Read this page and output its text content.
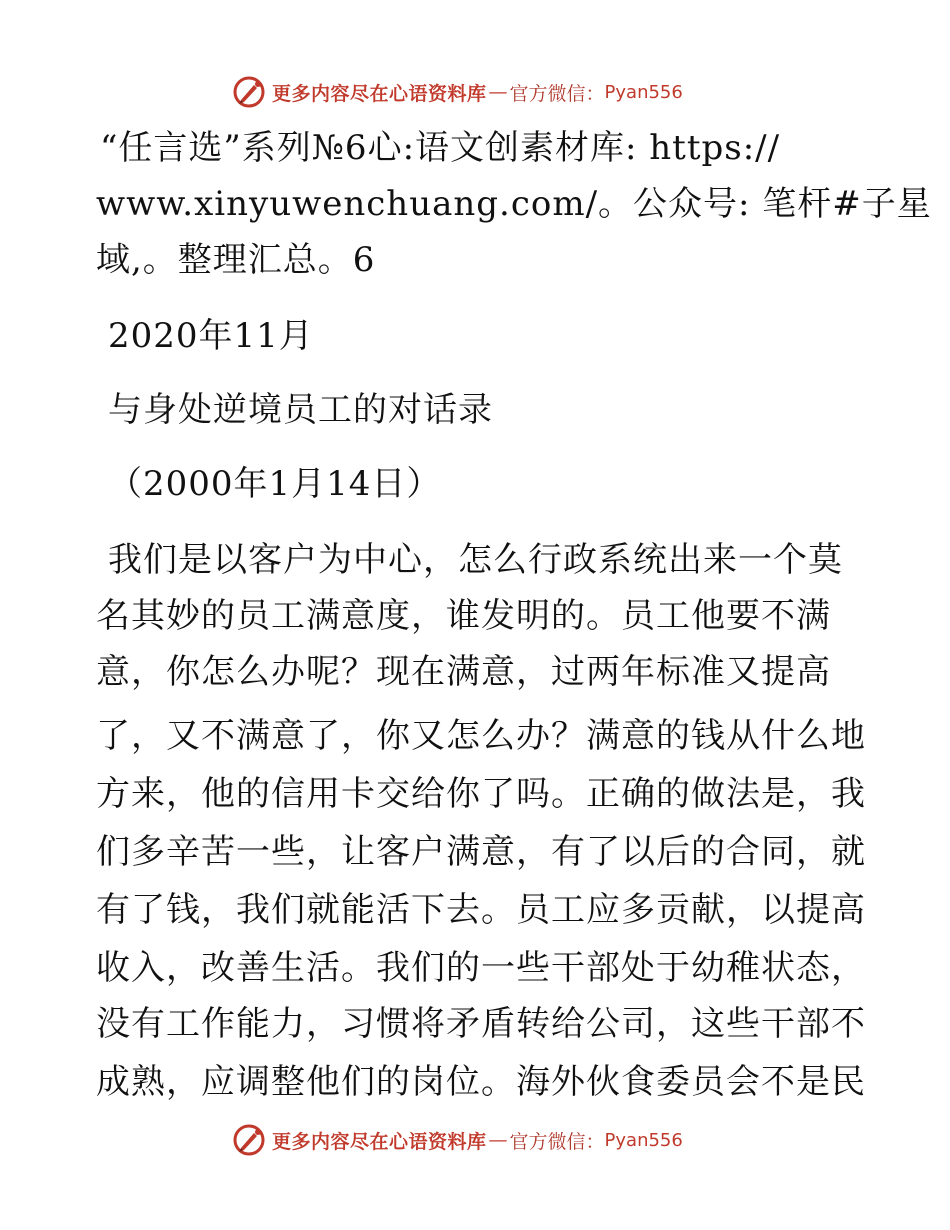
更多内容尽在心语资料库 — 官方微信： Pyan556
“任言选”系列№6心:语文创素材库: https://
www.xinyuwenchuang.com/。公众号: 笔杆#子星
域,。整理汇总。6
2020年11月
与身处逆境员工的对话录
（2000年1月14日）
我们是以客户为中心，怎么行政系统出来一个莫
名其妙的员工满意度，谁发明的。员工他要不满
意，你怎么办呢？现在满意，过两年标准又提高
了，又不满意了，你又怎么办？满意的钱从什么地
方来，他的信用卡交给你了吗。正确的做法是，我
们多辛苦一些，让客户满意，有了以后的合同，就
有了钱，我们就能活下去。员工应多贡献，以提高
收入，改善生活。我们的一些干部处于幼稚状态，
没有工作能力，习惯将矛盾转给公司，这些干部不
成熟，应调整他们的岗位。海外伙食委员会不是民
更多内容尽在心语资料库 — 官方微信： Pyan556
